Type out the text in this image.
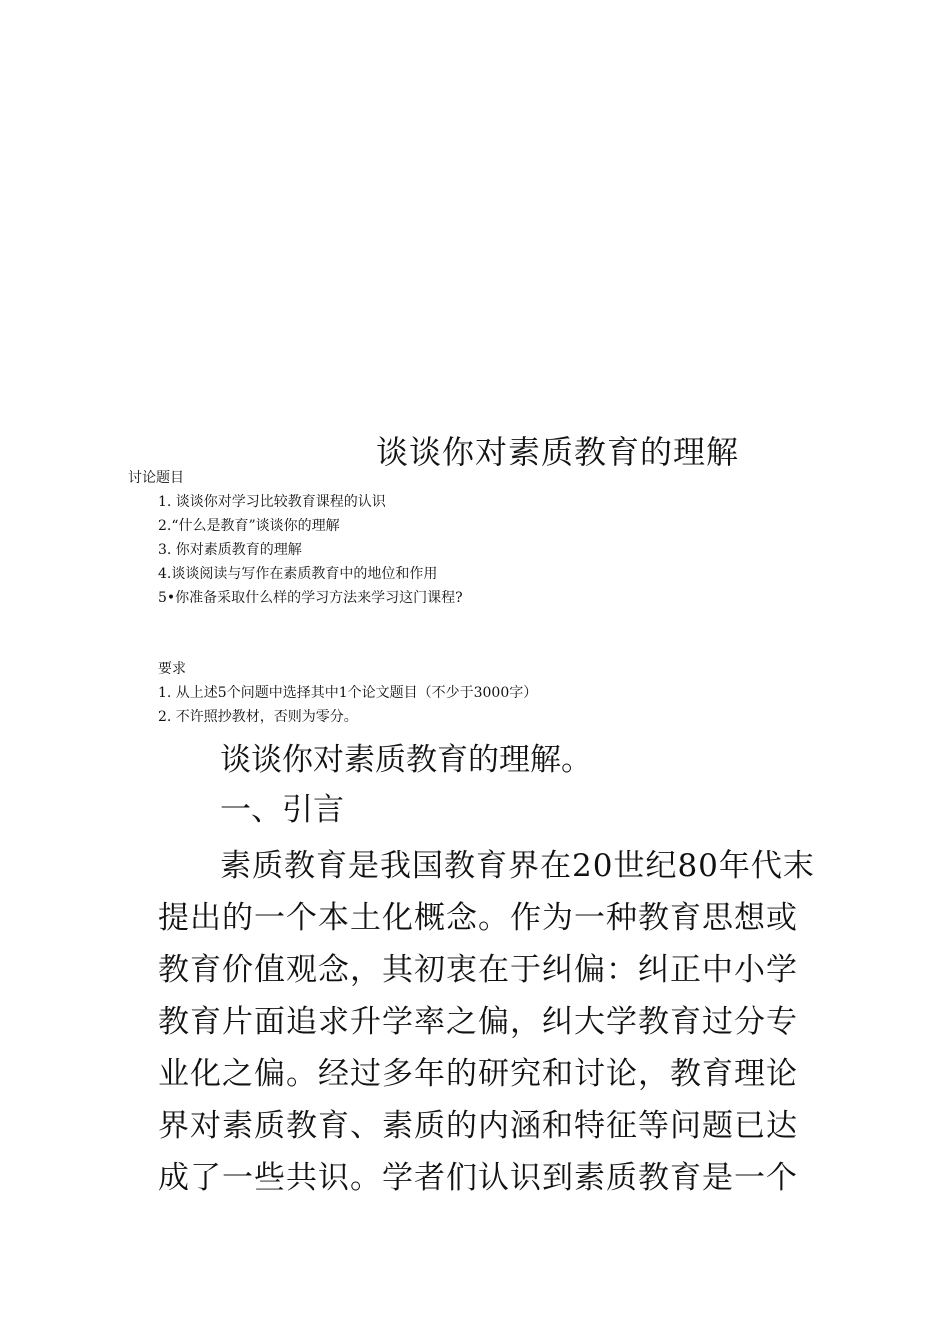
谈谈你对素质教育的理解
讨论题目
1. 谈谈你对学习比较教育课程的认识
2.“什么是教育”谈谈你的理解
3. 你对素质教育的理解
4.谈谈阅读与写作在素质教育中的地位和作用
5•你准备采取什么样的学习方法来学习这门课程?
要求
1. 从上述5个问题中选择其中1个论文题目（不少于3000字）
2. 不许照抄教材，否则为零分。
谈谈你对素质教育的理解。
一、引言
素质教育是我国教育界在20世纪80年代末
提出的一个本土化概念。作为一种教育思想或
教育价值观念，其初衷在于纠偏：纠正中小学
教育片面追求升学率之偏，纠大学教育过分专
业化之偏。经过多年的研究和讨论，教育理论
界对素质教育、素质的内涵和特征等问题已达
成了一些共识。学者们认识到素质教育是一个
